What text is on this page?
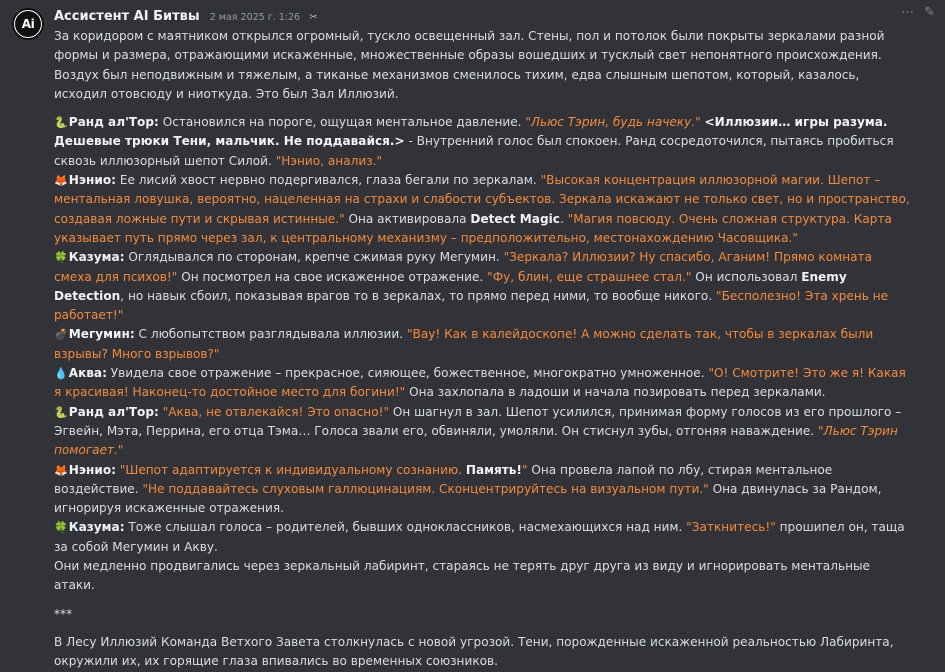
Ai	Ассистент AI Битвы 2 мая 2025 г. 1:26 ✂	⋯ ✎

За коридором с маятником открылся огромный, тускло освещенный зал. Стены, пол и потолок были покрыты зеркалами разной формы и размера, отражающими искаженные, множественные образы вошедших и тусклый свет непонятного происхождения. Воздух был неподвижным и тяжелым, а тиканье механизмов сменилось тихим, едва слышным шепотом, который, казалось, исходил отовсюду и ниоткуда. Это был Зал Иллюзий.

🐍Ранд ал'Тор: Остановился на пороге, ощущая ментальное давление. "Льюс Тэрин, будь начеку." <Иллюзии… игры разума. Дешевые трюки Тени, мальчик. Не поддавайся.> - Внутренний голос был спокоен. Ранд сосредоточился, пытаясь пробиться сквозь иллюзорный шепот Силой. "Нэнио, анализ."

🦊Нэнио: Ее лисий хвост нервно подергивался, глаза бегали по зеркалам. "Высокая концентрация иллюзорной магии. Шепот – ментальная ловушка, вероятно, нацеленная на страхи и слабости субъектов. Зеркала искажают не только свет, но и пространство, создавая ложные пути и скрывая истинные." Она активировала Detect Magic. "Магия повсюду. Очень сложная структура. Карта указывает путь прямо через зал, к центральному механизму – предположительно, местонахождению Часовщика."

🍀Казума: Оглядывался по сторонам, крепче сжимая руку Мегумин. "Зеркала? Иллюзии? Ну спасибо, Аганим! Прямо комната смеха для психов!" Он посмотрел на свое искаженное отражение. "Фу, блин, еще страшнее стал." Он использовал Enemy Detection, но навык сбоил, показывая врагов то в зеркалах, то прямо перед ними, то вообще никого. "Бесполезно! Эта хрень не работает!"

💣Мегумин: С любопытством разглядывала иллюзии. "Вау! Как в калейдоскопе! А можно сделать так, чтобы в зеркалах были взрывы? Много взрывов?"

💧Аква: Увидела свое отражение – прекрасное, сияющее, божественное, многократно умноженное. "О! Смотрите! Это же я! Какая я красивая! Наконец-то достойное место для богини!" Она захлопала в ладоши и начала позировать перед зеркалами.

🐍Ранд ал'Тор: "Аква, не отвлекайся! Это опасно!" Он шагнул в зал. Шепот усилился, принимая форму голосов из его прошлого – Эгвейн, Мэта, Перрина, его отца Тэма… Голоса звали его, обвиняли, умоляли. Он стиснул зубы, отгоняя наваждение. "Льюс Тэрин помогает."

🦊Нэнио: "Шепот адаптируется к индивидуальному сознанию. Память!" Она провела лапой по лбу, стирая ментальное воздействие. "Не поддавайтесь слуховым галлюцинациям. Сконцентрируйтесь на визуальном пути." Она двинулась за Рандом, игнорируя искаженные отражения.

🍀Казума: Тоже слышал голоса – родителей, бывших одноклассников, насмехающихся над ним. "Заткнитесь!" прошипел он, таща за собой Мегумин и Акву.

Они медленно продвигались через зеркальный лабиринт, стараясь не терять друг друга из виду и игнорировать ментальные атаки.

***

В Лесу Иллюзий Команда Ветхого Завета столкнулась с новой угрозой. Тени, порожденные искаженной реальностью Лабиринта, окружили их, их горящие глаза впивались во временных союзников.
